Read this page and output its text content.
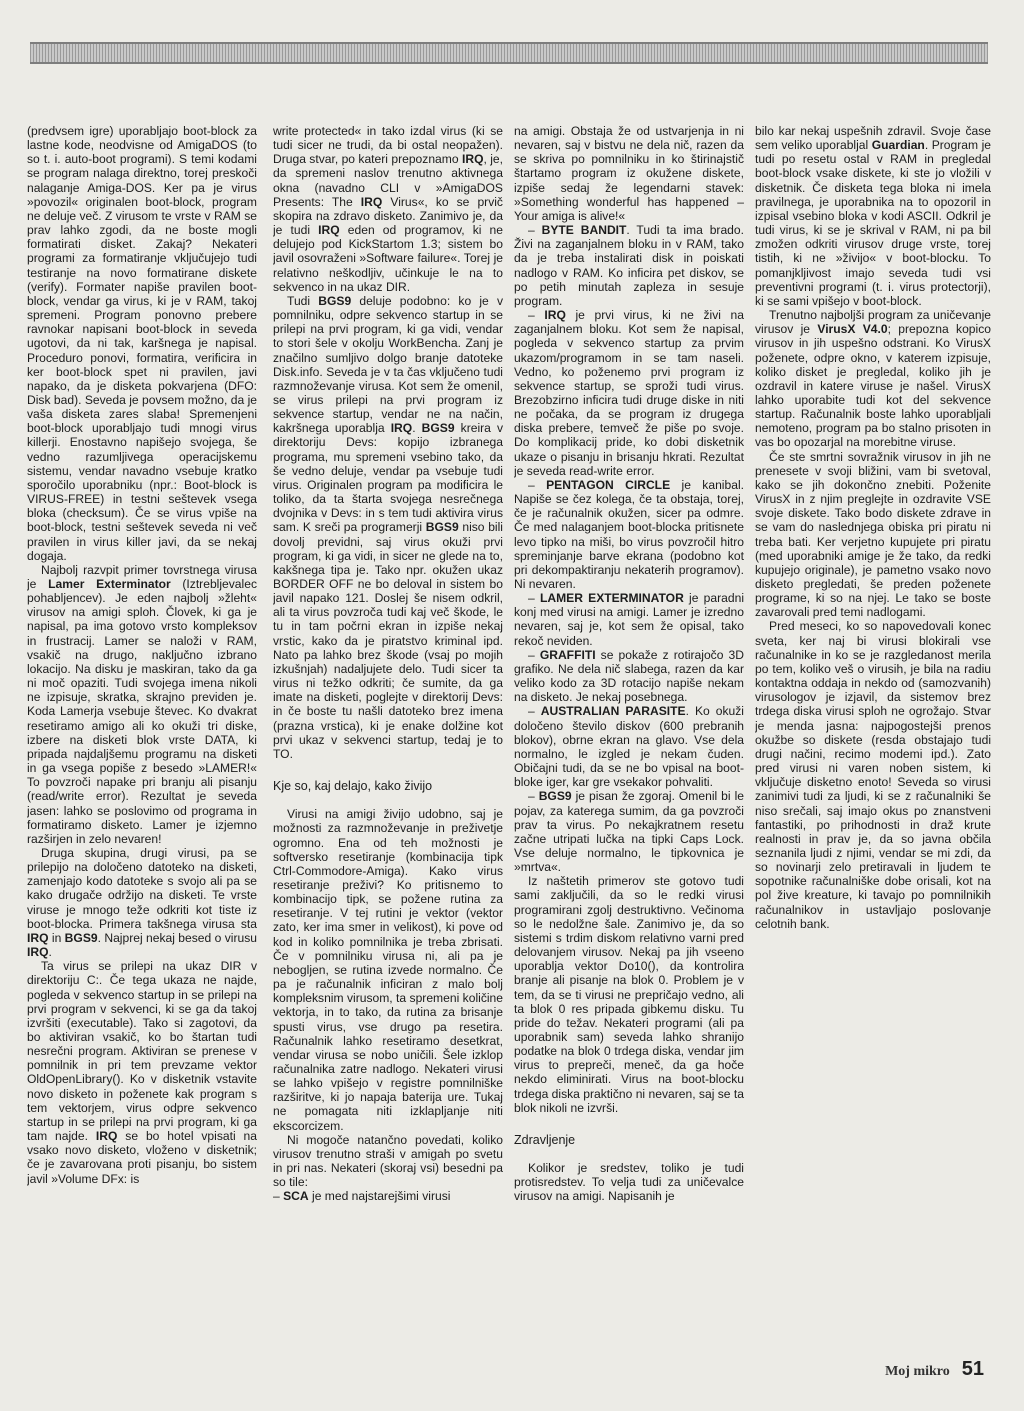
(predvsem igre) uporabljajo boot-block za lastne kode, neodvisne od AmigaDOS (to so t. i. auto-boot programi). S temi kodami se program nalaga direktno, torej preskoči nalaganje Amiga-DOS. Ker pa je virus »povozil« originalen boot-block, program ne deluje več. Z virusom te vrste v RAM se prav lahko zgodi, da ne boste mogli formatirati disket. Zakaj? Nekateri programi za formatiranje vključujejo tudi testiranje na novo formatirane diskete (verify). Formater napiše pravilen boot-block, vendar ga virus, ki je v RAM, takoj spremeni. Program ponovno prebere ravnokar napisani boot-block in seveda ugotovi, da ni tak, karšnega je napisal. Proceduro ponovi, formatira, verificira in ker boot-block spet ni pravilen, javi napako, da je disketa pokvarjena (DFO: Disk bad). Seveda je povsem možno, da je vaša disketa zares slaba! Spremenjeni boot-block uporabljajo tudi mnogi virus killerji. Enostavno napišejo svojega, še vedno razumljivega operacijskemu sistemu, vendar navadno vsebuje kratko sporočilo uporabniku (npr.: Boot-block is VIRUS-FREE) in testni seštevek vsega bloka (checksum). Če se virus vpiše na boot-block, testni seštevek seveda ni več pravilen in virus killer javi, da se nekaj dogaja.

Najbolj razvpit primer tovrstnega virusa je Lamer Exterminator (Iztrebljevalec pohabljencev). Je eden najbolj »žleht« virusov na amigi sploh. Človek, ki ga je napisal, pa ima gotovo vrsto kompleksov in frustracij. Lamer se naloži v RAM, vsakič na drugo, naključno izbrano lokacijo. Na disku je maskiran, tako da ga ni moč opaziti. Tudi svojega imena nikoli ne izpisuje, skratka, skrajno previden je. Koda Lamerja vsebuje števec. Ko dvakrat resetiramo amigo ali ko okuži tri diske, izbere na disketi blok vrste DATA, ki pripada najdaljšemu programu na disketi in ga vsega popiše z besedo »LAMER!« To povzroči napake pri branju ali pisanju (read/write error). Rezultat je seveda jasen: lahko se poslovimo od programa in formatiramo disketo. Lamer je izjemno razširjen in zelo nevaren!

Druga skupina, drugi virusi, pa se prilepijo na določeno datoteko na disketi, zamenjajo kodo datoteke s svojo ali pa se kako drugače održijo na disketi. Te vrste viruse je mnogo teže odkriti kot tiste iz boot-blocka. Primera takšnega virusa sta IRQ in BGS9. Najprej nekaj besed o virusu IRQ.

Ta virus se prilepi na ukaz DIR v direktoriju C:. Če tega ukaza ne najde, pogleda v sekvenco startup in se prilepi na prvi program v sekvenci, ki se ga da takoj izvršiti (executable). Tako si zagotovi, da bo aktiviran vsakič, ko bo štartan tudi nesrečni program. Aktiviran se prenese v pomnilnik in pri tem prevzame vektor OldOpenLibrary(). Ko v disketnik vstavite novo disketo in poženete kak program s tem vektorjem, virus odpre sekvenco startup in se prilepi na prvi program, ki ga tam najde. IRQ se bo hotel vpisati na vsako novo disketo, vloženo v disketnik; če je zavarovana proti pisanju, bo sistem javil »Volume DFx: is

write protected« in tako izdal virus (ki se tudi sicer ne trudi, da bi ostal neopažen). Druga stvar, po kateri prepoznamo IRQ, je, da spremeni naslov trenutno aktivnega okna (navadno CLI v »AmigaDOS Presents: The IRQ Virus«, ko se prvič skopira na zdravo disketo. Zanimivo je, da je tudi IRQ eden od programov, ki ne delujejo pod KickStartom 1.3; sistem bo javil osovraženi »Software failure«. Torej je relativno neškodljiv, učinkuje le na to sekvenco in na ukaz DIR.

Tudi BGS9 deluje podobno: ko je v pomnilniku, odpre sekvenco startup in se prilepi na prvi program, ki ga vidi, vendar to stori šele v okolju WorkBencha. Zanj je značilno sumljivo dolgo branje datoteke Disk.info. Seveda je v ta čas vključeno tudi razmnoževanje virusa. Kot sem že omenil, se virus prilepi na prvi program iz sekvence startup, vendar ne na način, kakršnega uporablja IRQ. BGS9 kreira v direktoriju Devs: kopijo izbranega programa, mu spremeni vsebino tako, da še vedno deluje, vendar pa vsebuje tudi virus. Originalen program pa modificira le toliko, da ta štarta svojega nesrečnega dvojnika v Devs: in s tem tudi aktivira virus sam. K sreči pa programerji BGS9 niso bili dovolj previdni, saj virus okuži prvi program, ki ga vidi, in sicer ne glede na to, kakšnega tipa je. Tako npr. okužen ukaz BORDER OFF ne bo deloval in sistem bo javil napako 121. Doslej še nisem odkril, ali ta virus povzroča tudi kaj več škode, le tu in tam počrni ekran in izpiše nekaj vrstic, kako da je piratstvo kriminal ipd. Nato pa lahko brez škode (vsaj po mojih izkušnjah) nadaljujete delo. Tudi sicer ta virus ni težko odkriti; če sumite, da ga imate na disketi, poglejte v direktorij Devs: in če boste tu našli datoteko brez imena (prazna vrstica), ki je enake dolžine kot prvi ukaz v sekvenci startup, tedaj je to TO.

Kje so, kaj delajo, kako živijo

Virusi na amigi živijo udobno, saj je možnosti za razmnoževanje in preživetje ogromno. Ena od teh možnosti je softversko resetiranje (kombinacija tipk Ctrl-Commodore-Amiga). Kako virus resetiranje preživi? Ko pritisnemo to kombinacijo tipk, se požene rutina za resetiranje. V tej rutini je vektor (vektor zato, ker ima smer in velikost), ki pove od kod in koliko pomnilnika je treba zbrisati. Če v pomnilniku virusa ni, ali pa je nebogljen, se rutina izvede normalno. Če pa je računalnik inficiran z malo bolj kompleksnim virusom, ta spremeni količine vektorja, in to tako, da rutina za brisanje spusti virus, vse drugo pa resetira. Računalnik lahko resetiramo desetkrat, vendar virusa se nobo uničili. Šele izklop računalnika zatre nadlogo. Nekateri virusi se lahko vpišejo v registre pomnilniške razširitve, ki jo napaja baterija ure. Tukaj ne pomagata niti izklapljanje niti ekscorcizem.

Ni mogoče natančno povedati, koliko virusov trenutno straši v amigah po svetu in pri nas. Nekateri (skoraj vsi) besedni pa so tile:

– SCA je med najstarejšimi virusi

na amigi. Obstaja že od ustvarjenja in ni nevaren, saj v bistvu ne dela nič, razen da se skriva po pomnilniku in ko štirinajstič štartamo program iz okužene diskete, izpiše sedaj že legendarni stavek: »Something wonderful has happened – Your amiga is alive!«

– BYTE BANDIT. Tudi ta ima brado. Živi na zaganjalnem bloku in v RAM, tako da je treba instalirati disk in poiskati nadlogo v RAM. Ko inficira pet diskov, se po petih minutah zapleza in sesuje program.

– IRQ je prvi virus, ki ne živi na zaganjalnem bloku. Kot sem že napisal, pogleda v sekvenco startup za prvim ukazom/programom in se tam naseli. Vedno, ko poženemo prvi program iz sekvence startup, se sproži tudi virus. Brezobzirno inficira tudi druge diske in niti ne počaka, da se program iz drugega diska prebere, temveč že piše po svoje. Do komplikacij pride, ko dobi disketnik ukaze o pisanju in brisanju hkrati. Rezultat je seveda read-write error.

– PENTAGON CIRCLE je kanibal. Napiše se čez kolega, če ta obstaja, torej, če je računalnik okužen, sicer pa odmre. Če med nalaganjem boot-blocka pritisnete levo tipko na miši, bo virus povzročil hitro spreminjanje barve ekrana (podobno kot pri dekompaktiranju nekaterih programov). Ni nevaren.

– LAMER EXTERMINATOR je paradni konj med virusi na amigi. Lamer je izredno nevaren, saj je, kot sem že opisal, tako rekoč neviden.

– GRAFFITI se pokaže z rotirajočo 3D grafiko. Ne dela nič slabega, razen da kar veliko kodo za 3D rotacijo napiše nekam na disketo. Je nekaj posebnega.

– AUSTRALIAN PARASITE. Ko okuži določeno število diskov (600 prebranih blokov), obrne ekran na glavo. Vse dela normalno, le izgled je nekam čuden. Običajni tudi, da se ne bo vpisal na boot-bloke iger, kar gre vsekakor pohvaliti.

– BGS9 je pisan že zgoraj. Omenil bi le pojav, za katerega sumim, da ga povzroči prav ta virus. Po nekajkratnem resetu začne utripati lučka na tipki Caps Lock. Vse deluje normalno, le tipkovnica je »mrtva«.

Iz naštetih primerov ste gotovo tudi sami zaključili, da so le redki virusi programirani zgolj destruktivno. Večinoma so le nedolžne šale. Zanimivo je, da so sistemi s trdim diskom relativno varni pred delovanjem virusov. Nekaj pa jih vseeno uporablja vektor Do10(), da kontrolira branje ali pisanje na blok 0. Problem je v tem, da se ti virusi ne prepričajo vedno, ali ta blok 0 res pripada gibkemu disku. Tu pride do težav. Nekateri programi (ali pa uporabnik sam) seveda lahko shranijo podatke na blok 0 trdega diska, vendar jim virus to prepreči, meneč, da ga hoče nekdo eliminirati. Virus na boot-blocku trdega diska praktično ni nevaren, saj se ta blok nikoli ne izvrši.

Zdravljenje

Kolikor je sredstev, toliko je tudi protisredstev. To velja tudi za uničevalce virusov na amigi. Napisanih je

bilo kar nekaj uspešnih zdravil. Svoje čase sem veliko uporabljal Guardian. Program je tudi po resetu ostal v RAM in pregledal boot-block vsake diskete, ki ste jo vložili v disketnik. Če disketa tega bloka ni imela pravilnega, je uporabnika na to opozoril in izpisal vsebino bloka v kodi ASCII. Odkril je tudi virus, ki se je skrival v RAM, ni pa bil zmožen odkriti virusov druge vrste, torej tistih, ki ne »živijo« v boot-blocku. To pomanjkljivost imajo seveda tudi vsi preventivni programi (t. i. virus protectorji), ki se sami vpišejo v boot-block.

Trenutno najboljši program za uničevanje virusov je VirusX V4.0; prepozna kopico virusov in jih uspešno odstrani. Ko VirusX poženete, odpre okno, v katerem izpisuje, koliko disket je pregledal, koliko jih je ozdravil in katere viruse je našel. VirusX lahko uporabite tudi kot del sekvence startup. Računalnik boste lahko uporabljali nemoteno, program pa bo stalno prisoten in vas bo opozarjal na morebitne viruse.

Če ste smrtni sovražnik virusov in jih ne prenesete v svoji bližini, vam bi svetoval, kako se jih dokončno znebiti. Poženite VirusX in z njim preglejte in ozdravite VSE svoje diskete. Tako bodo diskete zdrave in se vam do naslednjega obiska pri piratu ni treba bati. Ker verjetno kupujete pri piratu (med uporabniki amige je že tako, da redki kupujejo originale), je pametno vsako novo disketo pregledati, še preden poženete programe, ki so na njej. Le tako se boste zavarovali pred temi nadlogami.

Pred meseci, ko so napovedovali konec sveta, ker naj bi virusi blokirali vse računalnike in ko se je razgledanost merila po tem, koliko veš o virusih, je bila na radiu kontaktna oddaja in nekdo od (samozvanih) virusologov je izjavil, da sistemov brez trdega diska virusi sploh ne ogrožajo. Stvar je menda jasna: najpogostejši prenos okužbe so diskete (resda obstajajo tudi drugi načini, recimo modemi ipd.). Zato pred virusi ni varen noben sistem, ki vključuje disketno enoto! Seveda so virusi zanimivi tudi za ljudi, ki se z računalniki še niso srečali, saj imajo okus po znanstveni fantastiki, po prihodnosti in draž krute realnosti in prav je, da so javna občila seznanila ljudi z njimi, vendar se mi zdi, da so novinarji zelo pretiravali in ljudem te sopotnike računalniške dobe orisali, kot na pol žive kreature, ki tavajo po pomnilnikih računalnikov in ustavljajo poslovanje celotnih bank.

Moj mikro 51
